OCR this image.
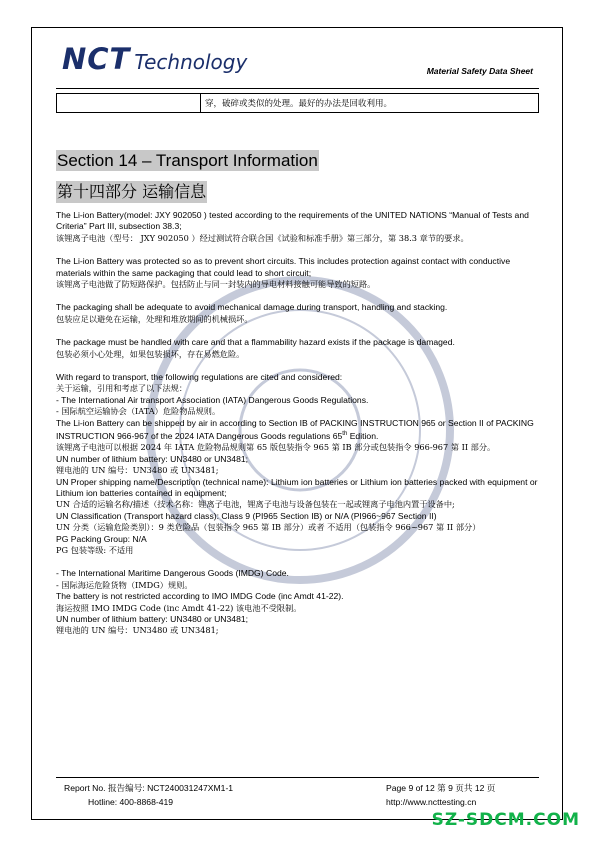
NCT Technology	Material Safety Data Sheet
穿，破碎或类似的处理。最好的办法是回收利用。
Section 14 – Transport Information
第十四部分 运输信息

The Li-ion Battery(model: JXY 902050 ) tested according to the requirements of the UNITED NATIONS “Manual of Tests and Criteria” Part III, subsection 38.3;

该锂离子电池（型号： JXY 902050 ）经过测试符合联合国《试验和标准手册》第三部分，第 38.3 章节的要求。

The Li-ion Battery was protected so as to prevent short circuits. This includes protection against contact with conductive materials within the same packaging that could lead to short circuit;

该锂离子电池做了防短路保护。包括防止与同一封装内的导电材料接触可能导致的短路。

The packaging shall be adequate to avoid mechanical damage during transport, handling and stacking.

包装应足以避免在运输，处理和堆放期间的机械损坏。

The package must be handled with care and that a flammability hazard exists if the package is damaged.

包装必须小心处理，如果包装损坏，存在易燃危险。

With regard to transport, the following regulations are cited and considered:

关于运输，引用和考虑了以下法规：

- The International Air transport Association (IATA) Dangerous Goods Regulations.

- 国际航空运输协会（IATA）危险物品规则。

The Li-ion Battery can be shipped by air in according to Section IB of PACKING INSTRUCTION 965 or Section II of PACKING INSTRUCTION 966-967 of the 2024 IATA Dangerous Goods regulations 65th Edition.

该锂离子电池可以根据 2024 年 IATA 危险物品规则第 65 版包装指令 965 第 IB 部分或包装指令 966-967 第 II 部分。

UN number of lithium battery: UN3480 or UN3481;

锂电池的 UN 编号：UN3480 或 UN3481;

UN Proper shipping name/Description (technical name): Lithium ion batteries or Lithium ion batteries packed with equipment or Lithium ion batteries contained in equipment;

UN 合适的运输名称/描述（技术名称：锂离子电池，锂离子电池与设备包装在一起或锂离子电池内置于设备中;

UN Classification (Transport hazard class): Class 9 (PI965 Section IB) or N/A (PI966~967 Section II)

UN 分类（运输危险类别）：9 类危险品（包装指令 965 第 IB 部分）或者 不适用（包装指令 966~967 第 II 部分）

PG Packing Group: N/A

PG 包装等级: 不适用

- The International Maritime Dangerous Goods (IMDG) Code.

- 国际海运危险货物（IMDG）规则。

The battery is not restricted according to IMO IMDG Code (inc Amdt 41-22).

海运按照 IMO IMDG Code (inc Amdt 41-22) 该电池不受限制。

UN number of lithium battery: UN3480 or UN3481;

锂电池的 UN 编号：UN3480 或 UN3481;

Report No. 报告编号: NCT240031247XM1-1	Page 9 of 12 第 9 页共 12 页
Hotline: 400-8868-419	http://www.ncttesting.cn
SZ-SDCM.COM
